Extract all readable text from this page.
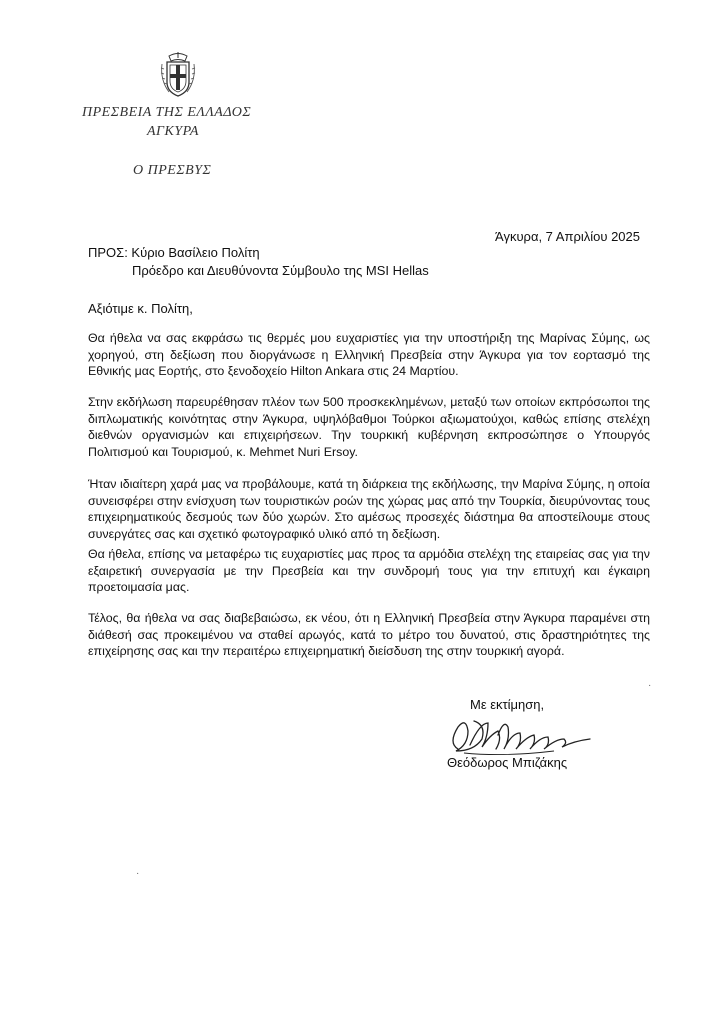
ΠΡΕΣΒΕΙΑ ΤΗΣ ΕΛΛΑΔΟΣ
ΑΓΚΥΡΑ
Ο ΠΡΕΣΒΥΣ
Άγκυρα, 7 Απριλίου 2025
ΠΡΟΣ: Κύριο Βασίλειο Πολίτη
Πρόεδρο και Διευθύνοντα Σύμβουλο της MSI Hellas
Αξιότιμε κ. Πολίτη,

Θα ήθελα να σας εκφράσω τις θερμές μου ευχαριστίες για την υποστήριξη της Μαρίνας Σύμης, ως χορηγού, στη δεξίωση που διοργάνωσε η Ελληνική Πρεσβεία στην Άγκυρα για τον εορτασμό της Εθνικής μας Εορτής, στο ξενοδοχείο Hilton Ankara στις 24 Μαρτίου.

Στην εκδήλωση παρευρέθησαν πλέον των 500 προσκεκλημένων, μεταξύ των οποίων εκπρόσωποι της διπλωματικής κοινότητας στην Άγκυρα, υψηλόβαθμοι Τούρκοι αξιωματούχοι, καθώς επίσης στελέχη διεθνών οργανισμών και επιχειρήσεων. Την τουρκική κυβέρνηση εκπροσώπησε ο Υπουργός Πολιτισμού και Τουρισμού, κ. Mehmet Nuri Ersoy.

Ήταν ιδιαίτερη χαρά μας να προβάλουμε, κατά τη διάρκεια της εκδήλωσης, την Μαρίνα Σύμης, η οποία συνεισφέρει στην ενίσχυση των τουριστικών ροών της χώρας μας από την Τουρκία, διευρύνοντας τους επιχειρηματικούς δεσμούς των δύο χωρών. Στο αμέσως προσεχές διάστημα θα αποστείλουμε στους συνεργάτες σας και σχετικό φωτογραφικό υλικό από τη δεξίωση.

Θα ήθελα, επίσης να μεταφέρω τις ευχαριστίες μας προς τα αρμόδια στελέχη της εταιρείας σας για την εξαιρετική συνεργασία με την Πρεσβεία και την συνδρομή τους για την επιτυχή και έγκαιρη προετοιμασία μας.

Τέλος, θα ήθελα να σας διαβεβαιώσω, εκ νέου, ότι η Ελληνική Πρεσβεία στην Άγκυρα παραμένει στη διάθεσή σας προκειμένου να σταθεί αρωγός, κατά το μέτρο του δυνατού, στις δραστηριότητες της επιχείρησης σας και την περαιτέρω επιχειρηματική διείσδυση της στην τουρκική αγορά.

Με εκτίμηση,
Θεόδωρος Μπιζάκης
·
·
